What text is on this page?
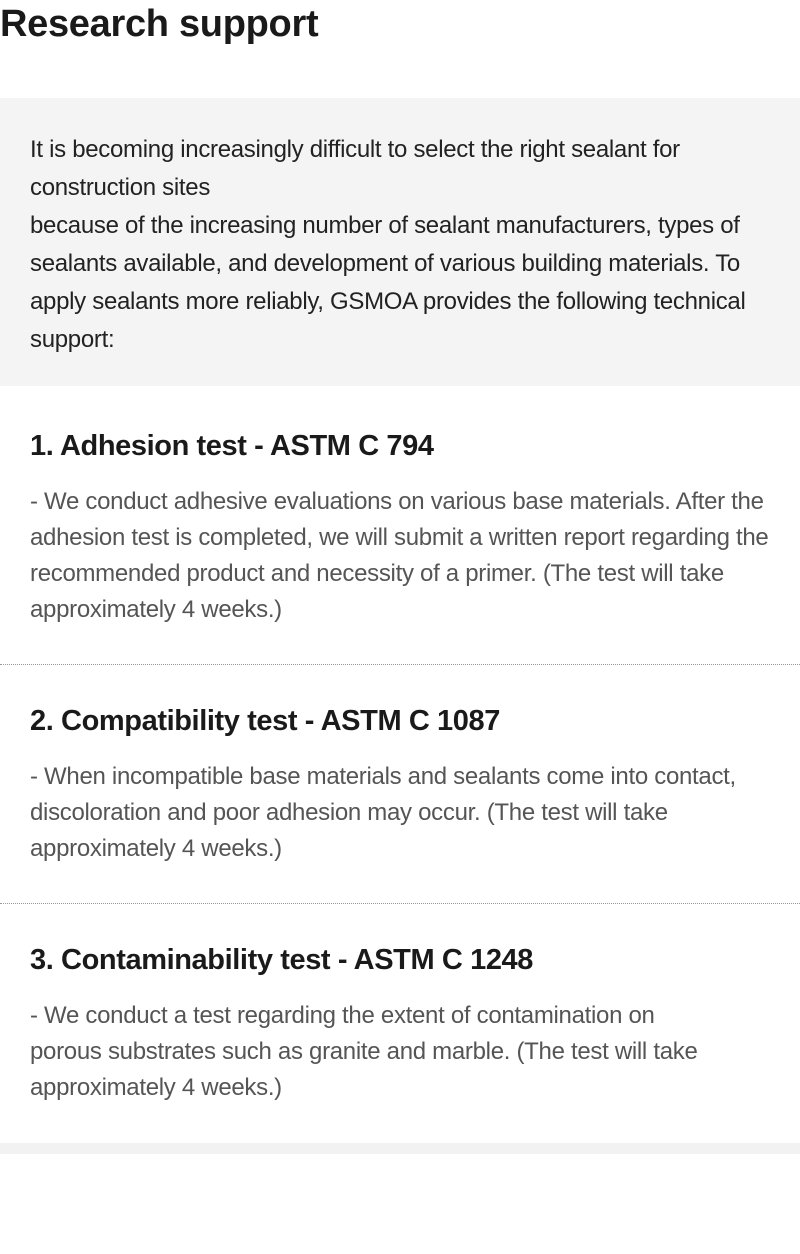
Research support

It is becoming increasingly difficult to select the right sealant for construction sites
because of the increasing number of sealant manufacturers, types of sealants available, and development of various building materials. To apply sealants more reliably, GSMOA provides the following technical support:

1. Adhesion test - ASTM C 794

- We conduct adhesive evaluations on various base materials. After the adhesion test is completed, we will submit a written report regarding the recommended product and necessity of a primer. (The test will take approximately 4 weeks.)

2. Compatibility test - ASTM C 1087

- When incompatible base materials and sealants come into contact, discoloration and poor adhesion may occur. (The test will take approximately 4 weeks.)

3. Contaminability test - ASTM C 1248

- We conduct a test regarding the extent of contamination on porous substrates such as granite and marble. (The test will take approximately 4 weeks.)
